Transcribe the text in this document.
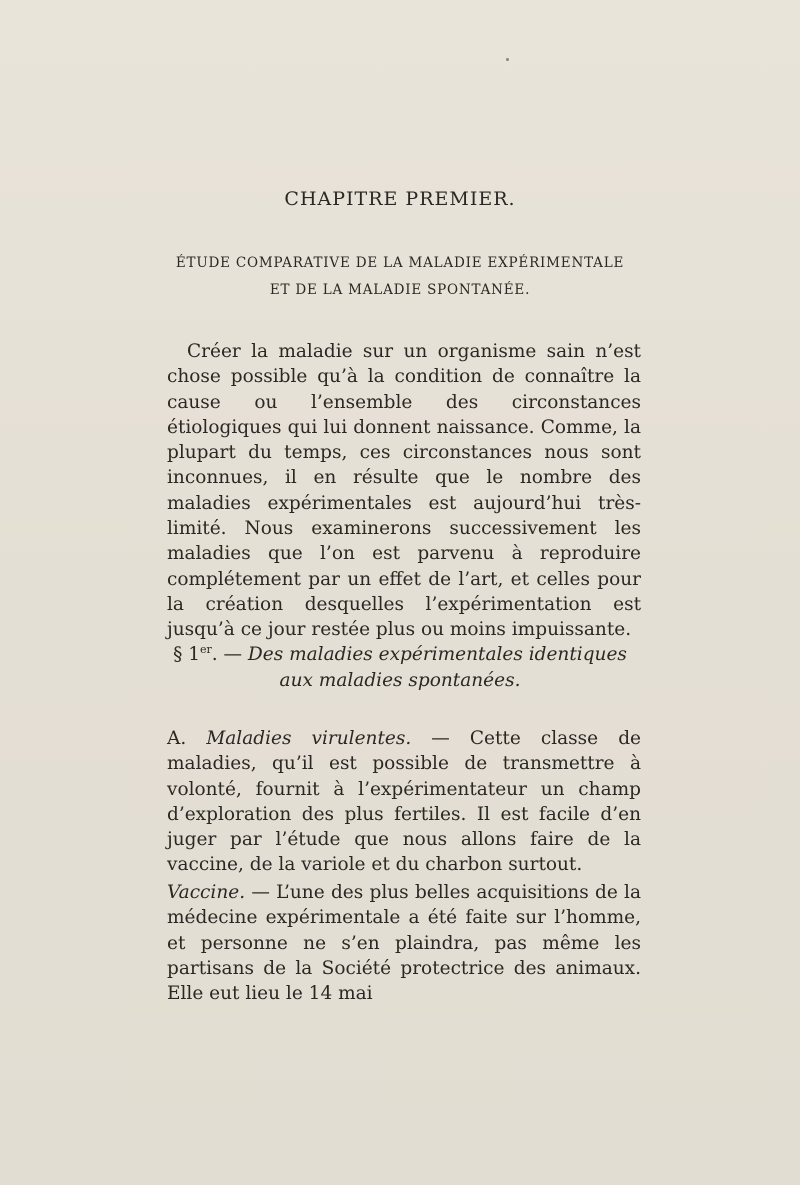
CHAPITRE PREMIER.
ÉTUDE COMPARATIVE DE LA MALADIE EXPÉRIMENTALE
ET DE LA MALADIE SPONTANÉE.

Créer la maladie sur un organisme sain n’est chose possible qu’à la condition de connaître la cause ou l’ensemble des circonstances étiologiques qui lui donnent naissance. Comme, la plupart du temps, ces circonstances nous sont inconnues, il en résulte que le nombre des maladies expérimentales est aujourd’hui très-limité. Nous examinerons successivement les maladies que l’on est parvenu à reproduire complétement par un effet de l’art, et celles pour la création desquelles l’expérimentation est jusqu’à ce jour restée plus ou moins impuissante.

§ 1er. — Des maladies expérimentales identiques
aux maladies spontanées.

A. Maladies virulentes. — Cette classe de maladies, qu’il est possible de transmettre à volonté, fournit à l’expérimentateur un champ d’exploration des plus fertiles. Il est facile d’en juger par l’étude que nous allons faire de la vaccine, de la variole et du charbon surtout.

Vaccine. — L’une des plus belles acquisitions de la médecine expérimentale a été faite sur l’homme, et personne ne s’en plaindra, pas même les partisans de la Société protectrice des animaux. Elle eut lieu le 14 mai
